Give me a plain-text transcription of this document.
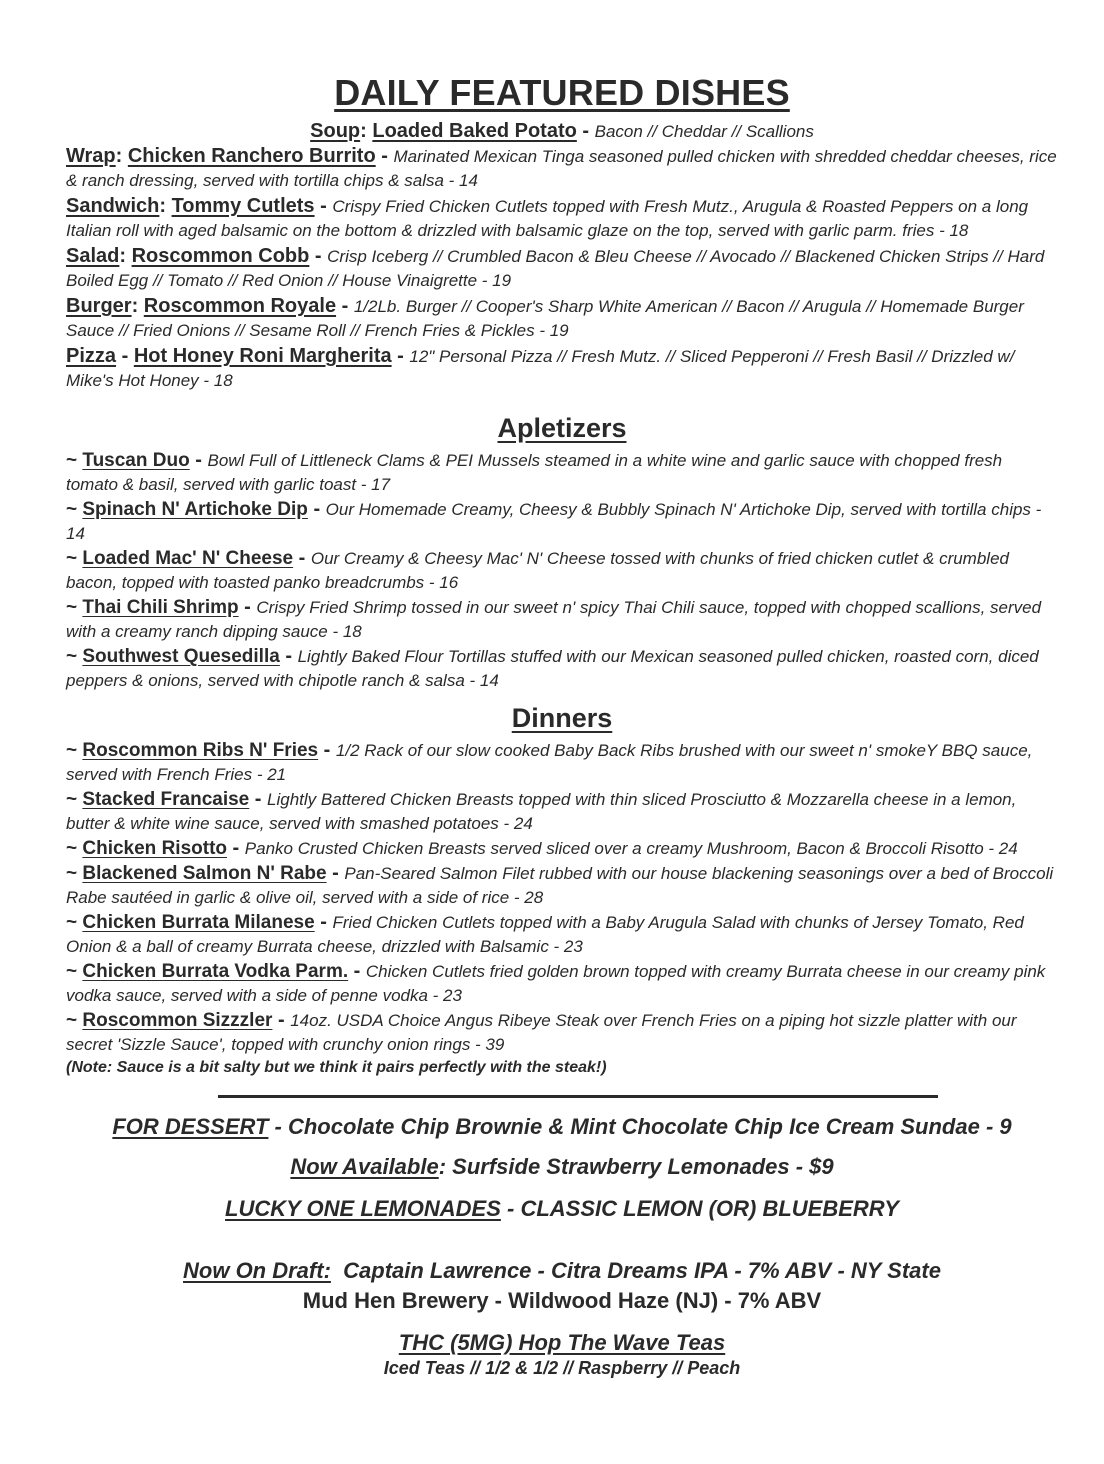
DAILY FEATURED DISHES

Soup: Loaded Baked Potato - Bacon // Cheddar // Scallions

Wrap: Chicken Ranchero Burrito - Marinated Mexican Tinga seasoned pulled chicken with shredded cheddar cheeses, rice & ranch dressing, served with tortilla chips & salsa - 14

Sandwich: Tommy Cutlets - Crispy Fried Chicken Cutlets topped with Fresh Mutz., Arugula & Roasted Peppers on a long Italian roll with aged balsamic on the bottom & drizzled with balsamic glaze on the top, served with garlic parm. fries - 18

Salad: Roscommon Cobb - Crisp Iceberg // Crumbled Bacon & Bleu Cheese // Avocado // Blackened Chicken Strips // Hard Boiled Egg // Tomato // Red Onion // House Vinaigrette - 19

Burger: Roscommon Royale - 1/2Lb. Burger // Cooper's Sharp White American // Bacon // Arugula // Homemade Burger Sauce // Fried Onions // Sesame Roll // French Fries & Pickles - 19

Pizza - Hot Honey Roni Margherita - 12" Personal Pizza // Fresh Mutz. // Sliced Pepperoni // Fresh Basil // Drizzled w/ Mike's Hot Honey - 18

Apletizers

~ Tuscan Duo - Bowl Full of Littleneck Clams & PEI Mussels steamed in a white wine and garlic sauce with chopped fresh tomato & basil, served with garlic toast - 17

~ Spinach N' Artichoke Dip - Our Homemade Creamy, Cheesy & Bubbly Spinach N' Artichoke Dip, served with tortilla chips - 14

~ Loaded Mac' N' Cheese - Our Creamy & Cheesy Mac' N' Cheese tossed with chunks of fried chicken cutlet & crumbled bacon, topped with toasted panko breadcrumbs - 16

~ Thai Chili Shrimp - Crispy Fried Shrimp tossed in our sweet n' spicy Thai Chili sauce, topped with chopped scallions, served with a creamy ranch dipping sauce - 18

~ Southwest Quesedilla - Lightly Baked Flour Tortillas stuffed with our Mexican seasoned pulled chicken, roasted corn, diced peppers & onions, served with chipotle ranch & salsa - 14

Dinners

~ Roscommon Ribs N' Fries - 1/2 Rack of our slow cooked Baby Back Ribs brushed with our sweet n' smokeY BBQ sauce, served with French Fries - 21

~ Stacked Francaise - Lightly Battered Chicken Breasts topped with thin sliced Prosciutto & Mozzarella cheese in a lemon, butter & white wine sauce, served with smashed potatoes - 24

~ Chicken Risotto - Panko Crusted Chicken Breasts served sliced over a creamy Mushroom, Bacon & Broccoli Risotto - 24

~ Blackened Salmon N' Rabe - Pan-Seared Salmon Filet rubbed with our house blackening seasonings over a bed of Broccoli Rabe sautéed in garlic & olive oil, served with a side of rice - 28

~ Chicken Burrata Milanese - Fried Chicken Cutlets topped with a Baby Arugula Salad with chunks of Jersey Tomato, Red Onion & a ball of creamy Burrata cheese, drizzled with Balsamic - 23

~ Chicken Burrata Vodka Parm. - Chicken Cutlets fried golden brown topped with creamy Burrata cheese in our creamy pink vodka sauce, served with a side of penne vodka - 23

~ Roscommon Sizzzler - 14oz. USDA Choice Angus Ribeye Steak over French Fries on a piping hot sizzle platter with our secret 'Sizzle Sauce', topped with crunchy onion rings - 39

(Note: Sauce is a bit salty but we think it pairs perfectly with the steak!)

FOR DESSERT - Chocolate Chip Brownie & Mint Chocolate Chip Ice Cream Sundae - 9

Now Available: Surfside Strawberry Lemonades - $9

LUCKY ONE LEMONADES - CLASSIC LEMON (OR) BLUEBERRY

Now On Draft: Captain Lawrence - Citra Dreams IPA - 7% ABV - NY State
Mud Hen Brewery - Wildwood Haze (NJ) - 7% ABV

THC (5MG) Hop The Wave Teas

Iced Teas // 1/2 & 1/2 // Raspberry // Peach
